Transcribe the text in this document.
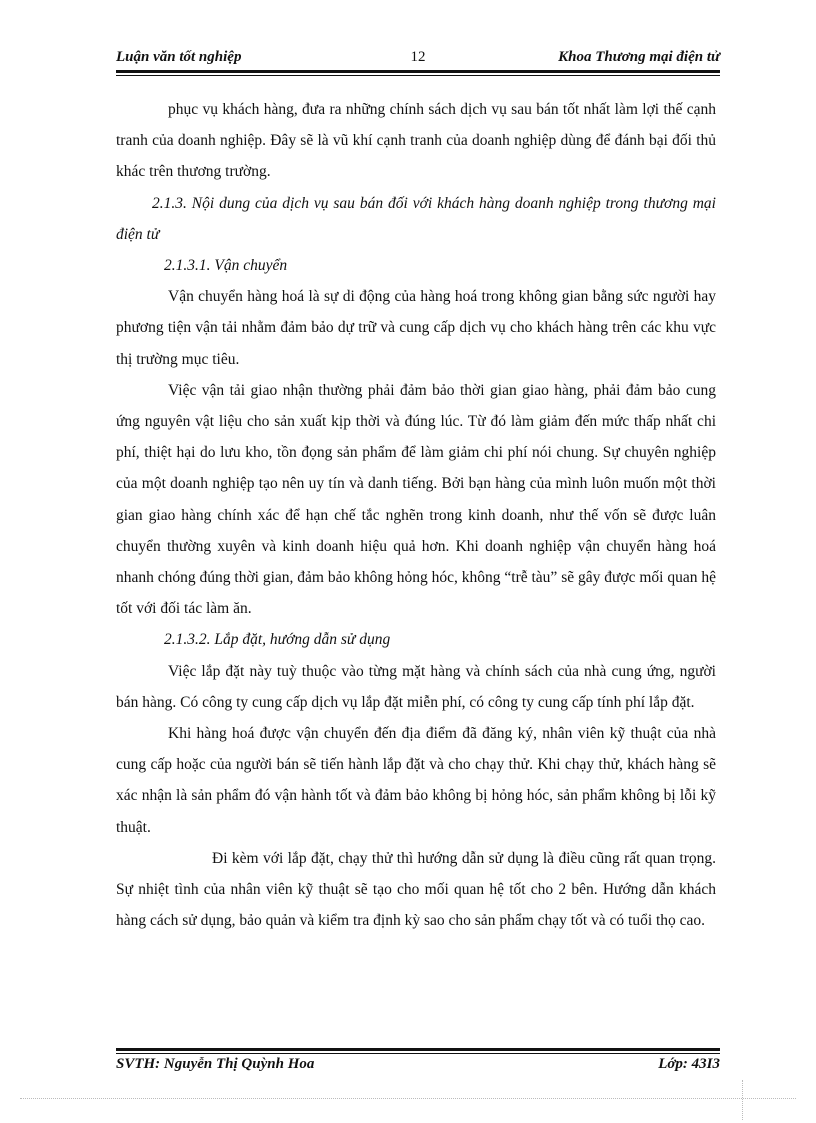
Luận văn tốt nghiệp	12	Khoa Thương mại điện tử

phục vụ khách hàng, đưa ra những chính sách dịch vụ sau bán tốt nhất làm lợi thế cạnh tranh của doanh nghiệp. Đây sẽ là vũ khí cạnh tranh của doanh nghiệp dùng để đánh bại đối thủ khác trên thương trường.

2.1.3. Nội dung của dịch vụ sau bán đối với khách hàng doanh nghiệp trong thương mại điện tử

2.1.3.1. Vận chuyển

Vận chuyển hàng hoá là sự di động của hàng hoá trong không gian bằng sức người hay phương tiện vận tải nhằm đảm bảo dự trữ và cung cấp dịch vụ cho khách hàng trên các khu vực thị trường mục tiêu.

Việc vận tải giao nhận thường phải đảm bảo thời gian giao hàng, phải đảm bảo cung ứng nguyên vật liệu cho sản xuất kịp thời và đúng lúc. Từ đó làm giảm đến mức thấp nhất chi phí, thiệt hại do lưu kho, tồn đọng sản phẩm để làm giảm chi phí nói chung. Sự chuyên nghiệp của một doanh nghiệp tạo nên uy tín và danh tiếng. Bởi bạn hàng của mình luôn muốn một thời gian giao hàng chính xác để hạn chế tắc nghẽn trong kinh doanh, như thế vốn sẽ được luân chuyển thường xuyên và kinh doanh hiệu quả hơn. Khi doanh nghiệp vận chuyển hàng hoá nhanh chóng đúng thời gian, đảm bảo không hỏng hóc, không “trễ tàu” sẽ gây được mối quan hệ tốt với đối tác làm ăn.

2.1.3.2. Lắp đặt, hướng dẫn sử dụng

Việc lắp đặt này tuỳ thuộc vào từng mặt hàng và chính sách của nhà cung ứng, người bán hàng. Có công ty cung cấp dịch vụ lắp đặt miễn phí, có công ty cung cấp tính phí lắp đặt.

Khi hàng hoá được vận chuyển đến địa điểm đã đăng ký, nhân viên kỹ thuật của nhà cung cấp hoặc của người bán sẽ tiến hành lắp đặt và cho chạy thử. Khi chạy thử, khách hàng sẽ xác nhận là sản phẩm đó vận hành tốt và đảm bảo không bị hỏng hóc, sản phẩm không bị lỗi kỹ thuật.

Đi kèm với lắp đặt, chạy thử thì hướng dẫn sử dụng là điều cũng rất quan trọng. Sự nhiệt tình của nhân viên kỹ thuật sẽ tạo cho mối quan hệ tốt cho 2 bên. Hướng dẫn khách hàng cách sử dụng, bảo quản và kiểm tra định kỳ sao cho sản phẩm chạy tốt và có tuổi thọ cao.

SVTH: Nguyễn Thị Quỳnh Hoa	Lớp: 43I3
